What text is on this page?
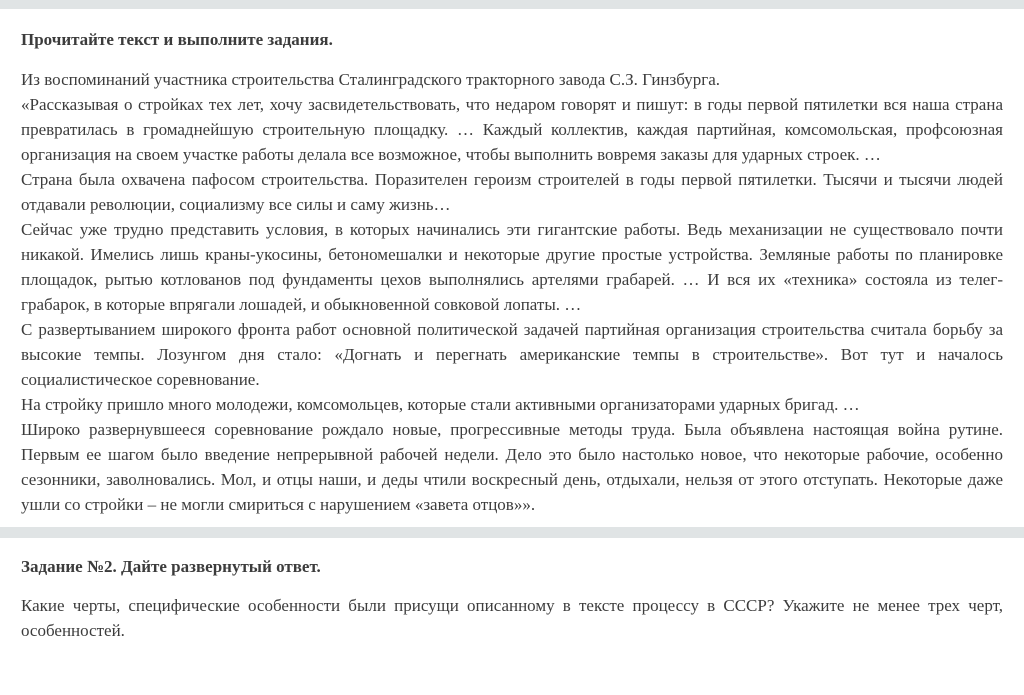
Прочитайте текст и выполните задания.

Из воспоминаний участника строительства Сталинградского тракторного завода С.З. Гинзбурга.

«Рассказывая о стройках тех лет, хочу засвидетельствовать, что недаром говорят и пишут: в годы первой пятилетки вся наша страна превратилась в громаднейшую строительную площадку. … Каждый коллектив, каждая партийная, комсомольская, профсоюзная организация на своем участке работы делала все возможное, чтобы выполнить вовремя заказы для ударных строек. …

Страна была охвачена пафосом строительства. Поразителен героизм строителей в годы первой пятилетки. Тысячи и тысячи людей отдавали революции, социализму все силы и саму жизнь…

Сейчас уже трудно представить условия, в которых начинались эти гигантские работы. Ведь механизации не существовало почти никакой. Имелись лишь краны-укосины, бетономешалки и некоторые другие простые устройства. Земляные работы по планировке площадок, рытью котлованов под фундаменты цехов выполнялись артелями грабарей. … И вся их «техника» состояла из телег-грабарок, в которые впрягали лошадей, и обыкновенной совковой лопаты. …

С развертыванием широкого фронта работ основной политической задачей партийная организация строительства считала борьбу за высокие темпы. Лозунгом дня стало: «Догнать и перегнать американские темпы в строительстве». Вот тут и началось социалистическое соревнование.

На стройку пришло много молодежи, комсомольцев, которые стали активными организаторами ударных бригад. …

Широко развернувшееся соревнование рождало новые, прогрессивные методы труда. Была объявлена настоящая война рутине. Первым ее шагом было введение непрерывной рабочей недели. Дело это было настолько новое, что некоторые рабочие, особенно сезонники, заволновались. Мол, и отцы наши, и деды чтили воскресный день, отдыхали, нельзя от этого отступать. Некоторые даже ушли со стройки – не могли смириться с нарушением «завета отцов»».

Задание №2. Дайте развернутый ответ.

Какие черты, специфические особенности были присущи описанному в тексте процессу в СССР? Укажите не менее трех черт, особенностей.
